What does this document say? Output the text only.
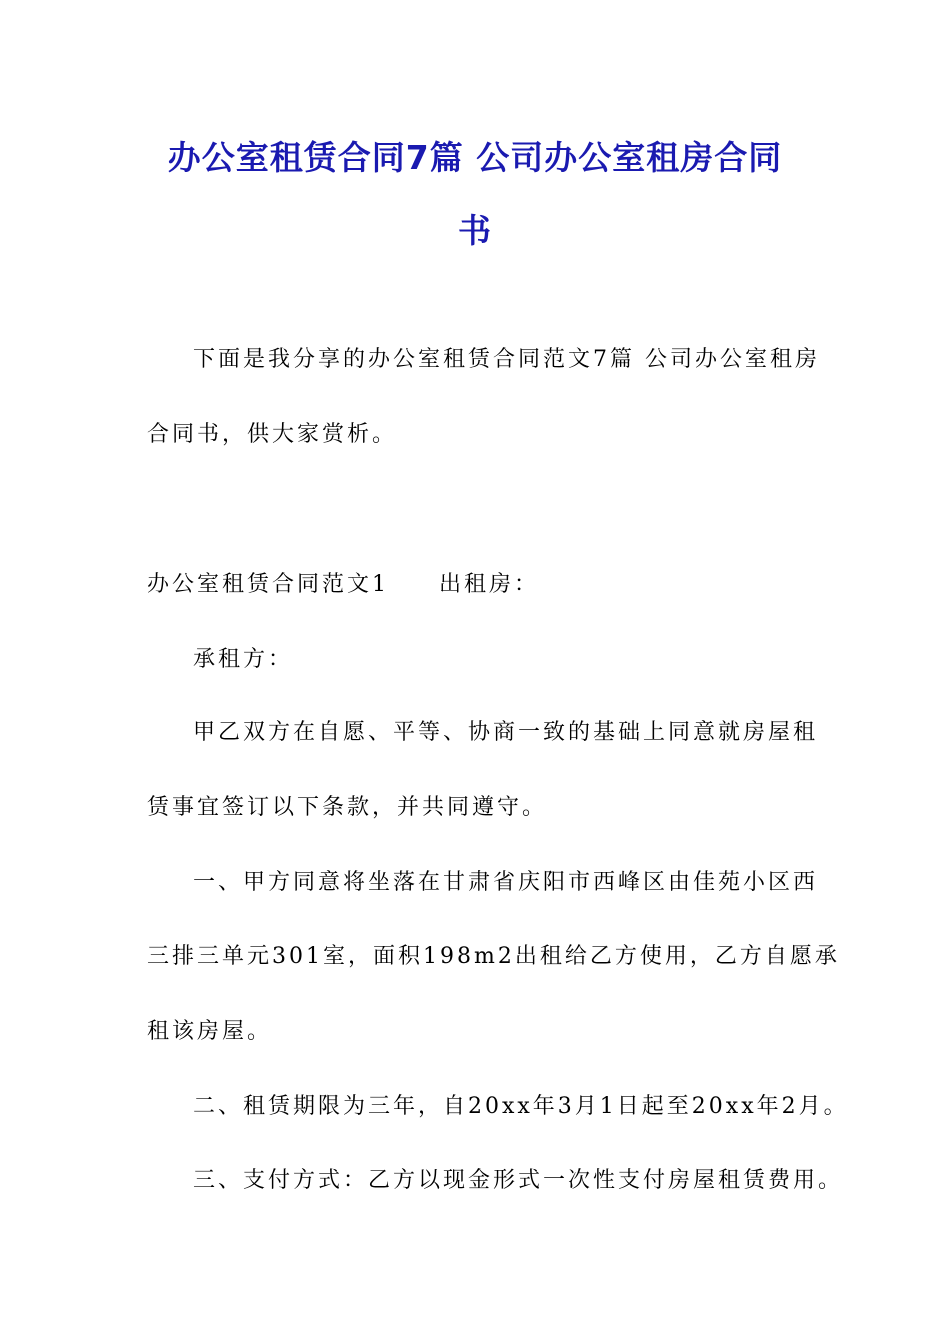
办公室租赁合同7篇 公司办公室租房合同
书
下面是我分享的办公室租赁合同范文7篇 公司办公室租房
合同书，供大家赏析。
办公室租赁合同范文1 出租房：
承租方：
甲乙双方在自愿、平等、协商一致的基础上同意就房屋租
赁事宜签订以下条款，并共同遵守。
一、甲方同意将坐落在甘肃省庆阳市西峰区由佳苑小区西
三排三单元301室，面积198m2出租给乙方使用，乙方自愿承
租该房屋。
二、租赁期限为三年，自20xx年3月1日起至20xx年2月。
三、支付方式：乙方以现金形式一次性支付房屋租赁费用。
